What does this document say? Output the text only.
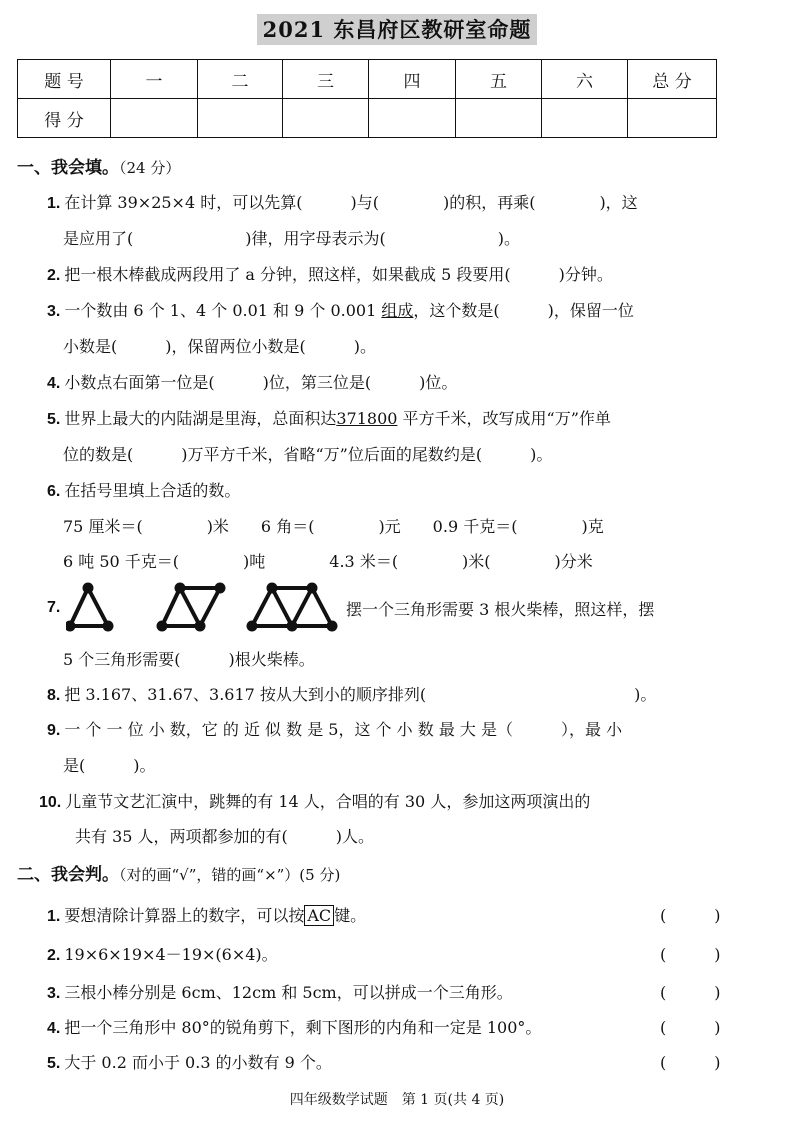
2021 东昌府区教研室命题
题 号	一	二	三	四	五	六	总 分
得 分							
一、我会填。（24 分）
1. 在计算 39×25×4 时，可以先算(　　　)与(　　　　)的积，再乘(　　　　)，这
是应用了(　　　　　　　)律，用字母表示为(　　　　　　　)。
2. 把一根木棒截成两段用了 a 分钟，照这样，如果截成 5 段要用(　　　)分钟。
3. 一个数由 6 个 1、4 个 0.01 和 9 个 0.001 组成，这个数是(　　　)，保留一位
小数是(　　　)，保留两位小数是(　　　)。
4. 小数点右面第一位是(　　　)位，第三位是(　　　)位。
5. 世界上最大的内陆湖是里海，总面积达371800 平方千米，改写成用“万”作单
位的数是(　　　)万平方千米，省略“万”位后面的尾数约是(　　　)。
6. 在括号里填上合适的数。
75 厘米＝(　　　　)米　　6 角＝(　　　　)元　　0.9 千克＝(　　　　)克
6 吨 50 千克＝(　　　　)吨　　　　4.3 米＝(　　　　)米(　　　　)分米
7.	摆一个三角形需要 3 根火柴棒，照这样，摆
5 个三角形需要(　　　)根火柴棒。
8. 把 3.167、31.67、3.617 按从大到小的顺序排列(　　　　　　　　　　　　　)。
9. 一 个 一 位 小 数，它 的 近 似 数 是 5，这 个 小 数 最 大 是（　　　），最 小
是(　　　)。
10. 儿童节文艺汇演中，跳舞的有 14 人，合唱的有 30 人，参加这两项演出的
共有 35 人，两项都参加的有(　　　)人。
二、我会判。（对的画“√”，错的画“×”）(5 分)
1. 要想清除计算器上的数字，可以按 AC 键。	(　　　)
2. 19×6×19×4－19×(6×4)。	(　　　)
3. 三根小棒分别是 6cm、12cm 和 5cm，可以拼成一个三角形。	(　　　)
4. 把一个三角形中 80°的锐角剪下，剩下图形的内角和一定是 100°。	(　　　)
5. 大于 0.2 而小于 0.3 的小数有 9 个。	(　　　)
四年级数学试题　第 1 页(共 4 页)
